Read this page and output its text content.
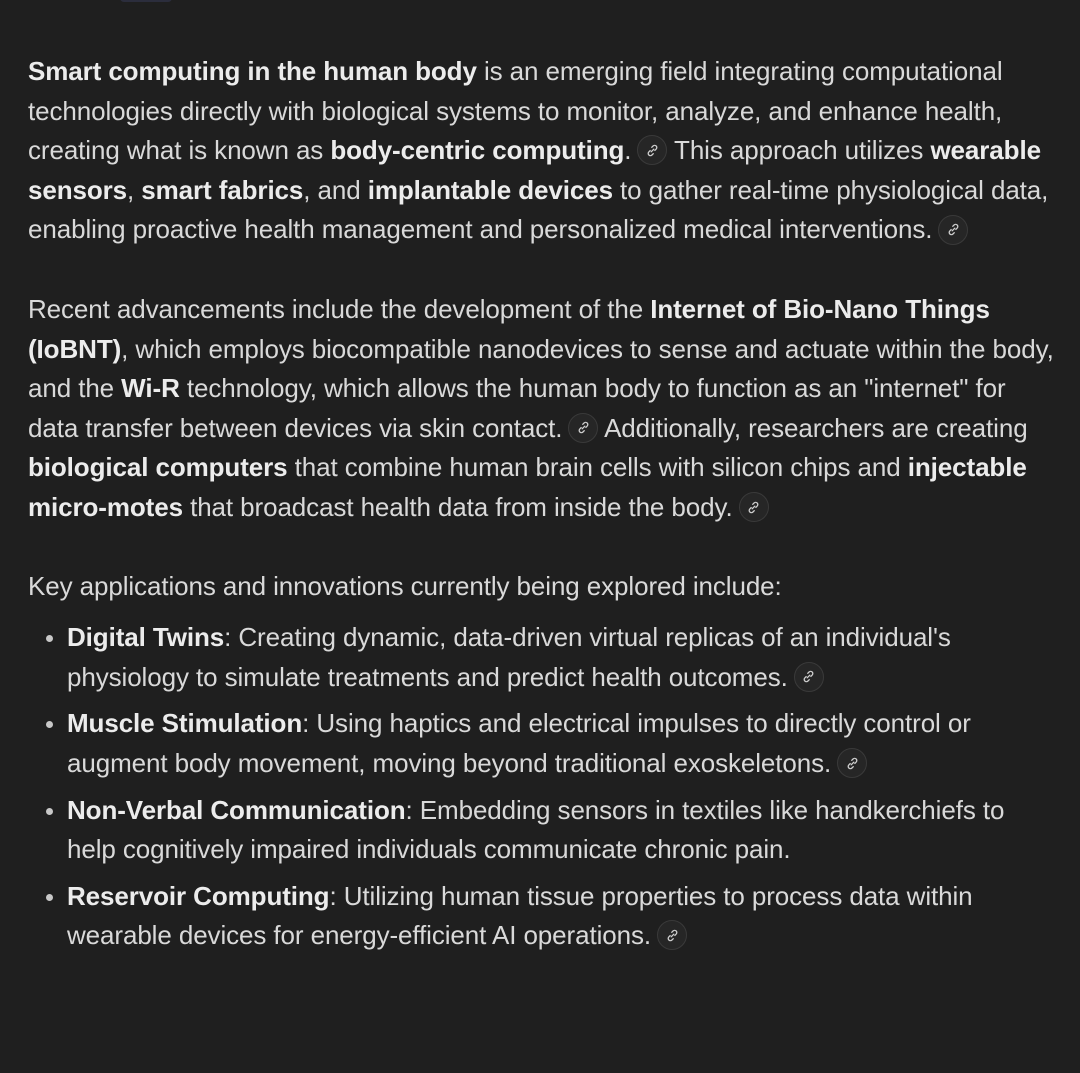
Smart computing in the human body is an emerging field integrating computational technologies directly with biological systems to monitor, analyze, and enhance health, creating what is known as body-centric computing.
This approach utilizes wearable sensors, smart fabrics, and implantable devices to gather real-time physiological data, enabling proactive health management and personalized medical interventions.

Recent advancements include the development of the Internet of Bio-Nano Things (IoBNT), which employs biocompatible nanodevices to sense and actuate within the body, and the Wi-R technology, which allows the human body to function as an "internet" for data transfer between devices via skin contact.
Additionally, researchers are creating biological computers that combine human brain cells with silicon chips and injectable micro-motes that broadcast health data from inside the body.

Key applications and innovations currently being explored include:

Digital Twins: Creating dynamic, data-driven virtual replicas of an individual's physiology to simulate treatments and predict health outcomes.
Muscle Stimulation: Using haptics and electrical impulses to directly control or augment body movement, moving beyond traditional exoskeletons.
Non-Verbal Communication: Embedding sensors in textiles like handkerchiefs to help cognitively impaired individuals communicate chronic pain.
Reservoir Computing: Utilizing human tissue properties to process data within wearable devices for energy-efficient AI operations.
